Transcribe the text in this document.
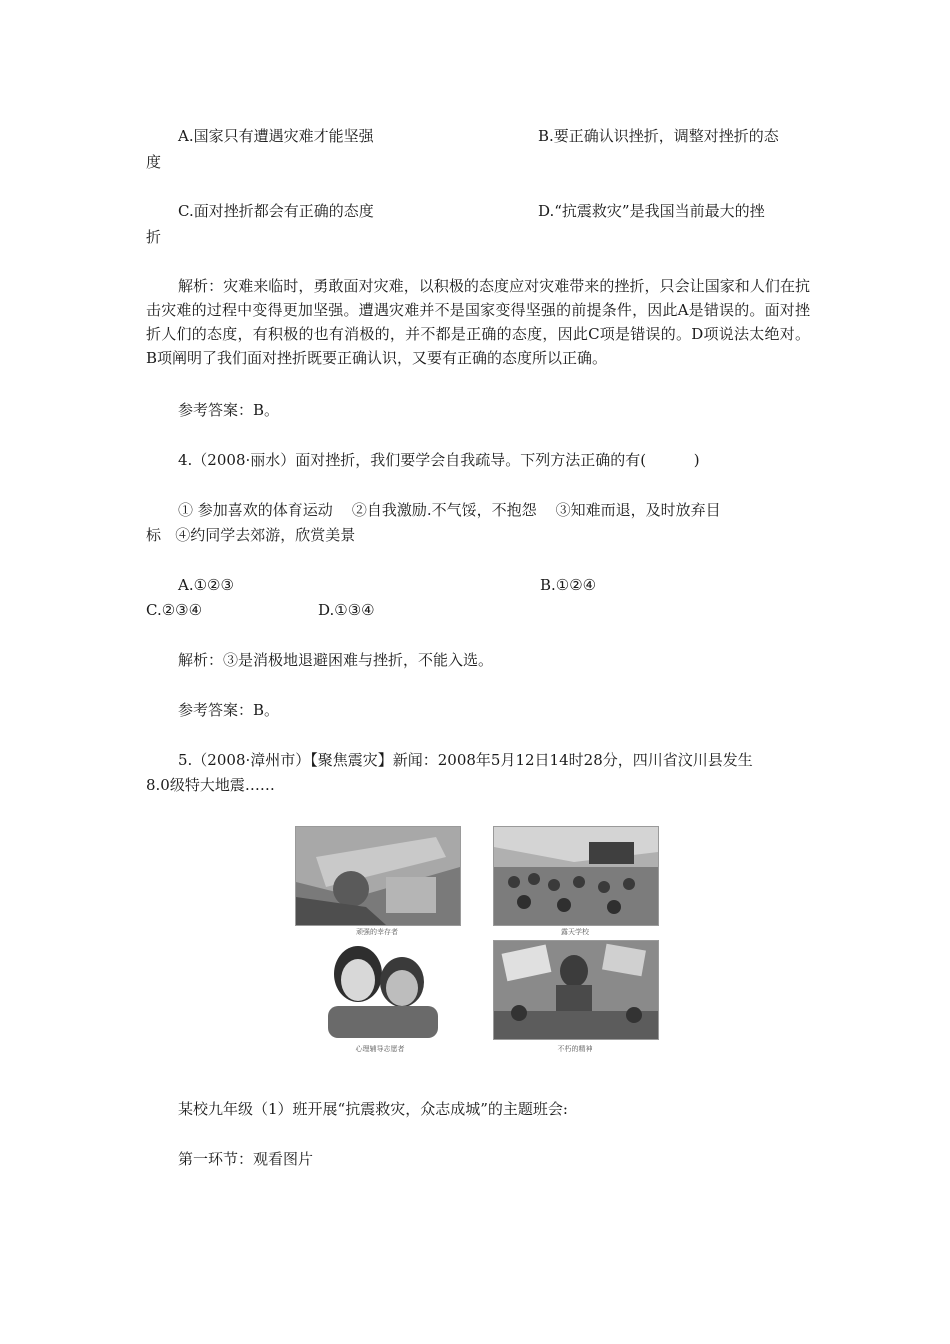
A.国家只有遭遇灾难才能坚强	B.要正确认识挫折，调整对挫折的态
度
C.面对挫折都会有正确的态度	D.“抗震救灾”是我国当前最大的挫
折
解析：灾难来临时，勇敢面对灾难，以积极的态度应对灾难带来的挫折，只会让国家和人们在抗击灾难的过程中变得更加坚强。遭遇灾难并不是国家变得坚强的前提条件，因此A是错误的。面对挫折人们的态度，有积极的也有消极的，并不都是正确的态度，因此C项是错误的。D项说法太绝对。B项阐明了我们面对挫折既要正确认识，又要有正确的态度所以正确。
参考答案：B。
4.（2008·丽水）面对挫折，我们要学会自我疏导。下列方法正确的有(          )
① 参加喜欢的体育运动    ②自我激励.不气馁，不抱怨    ③知难而退，及时放弃目
标   ④约同学去郊游，欣赏美景
A.①②③	B.①②④
C.②③④	D.①③④
解析：③是消极地退避困难与挫折，不能入选。
参考答案：B。
5.（2008·漳州市）【聚焦震灾】新闻：2008年5月12日14时28分，四川省汶川县发生
8.0级特大地震……
顽强的幸存者	露天学校
心理辅导志愿者	不朽的精神
某校九年级（1）班开展“抗震救灾，众志成城”的主题班会:
第一环节：观看图片
